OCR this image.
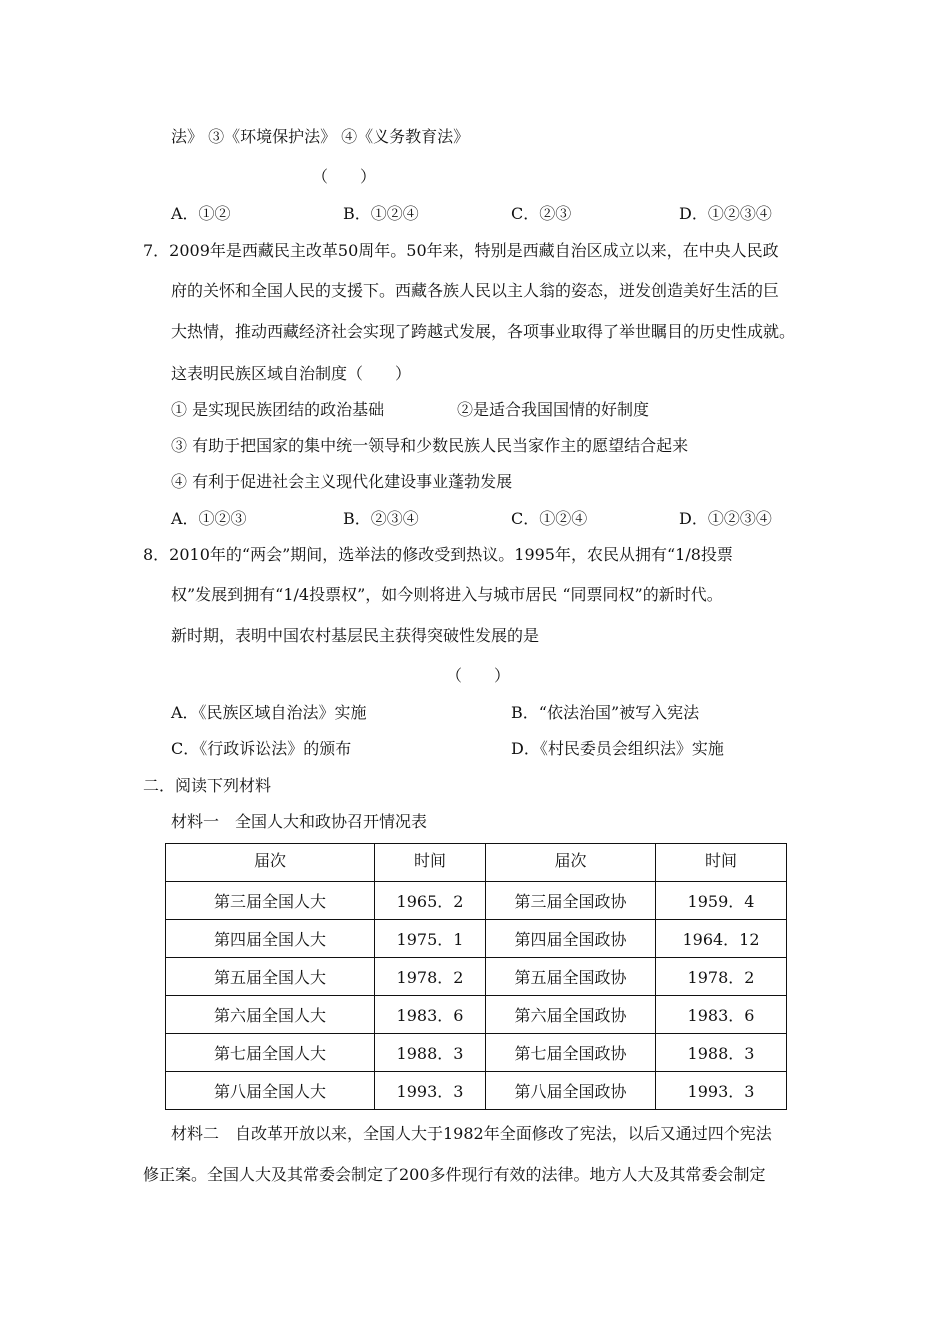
法》 ③《环境保护法》 ④《义务教育法》
（　　）
A．①②	B．①②④	C．②③	D．①②③④
7．2009年是西藏民主改革50周年。50年来，特别是西藏自治区成立以来，在中央人民政
府的关怀和全国人民的支援下。西藏各族人民以主人翁的姿态，迸发创造美好生活的巨
大热情，推动西藏经济社会实现了跨越式发展，各项事业取得了举世瞩目的历史性成就。
这表明民族区域自治制度（　　）
① 是实现民族团结的政治基础	②是适合我国国情的好制度
③ 有助于把国家的集中统一领导和少数民族人民当家作主的愿望结合起来
④ 有利于促进社会主义现代化建设事业蓬勃发展
A．①②③	B．②③④	C．①②④	D．①②③④
8．2010年的“两会”期间，选举法的修改受到热议。1995年，农民从拥有“1/8投票
权”发展到拥有“1/4投票权”，如今则将进入与城市居民 “同票同权”的新时代。
新时期，表明中国农村基层民主获得突破性发展的是
（　　）
A．《民族区域自治法》实施	B．“依法治国”被写入宪法
C．《行政诉讼法》的颁布	D．《村民委员会组织法》实施
二．阅读下列材料
材料一　全国人大和政协召开情况表
届次	时间	届次	时间
第三届全国人大	1965．2	第三届全国政协	1959．4
第四届全国人大	1975．1	第四届全国政协	1964．12
第五届全国人大	1978．2	第五届全国政协	1978．2
第六届全国人大	1983．6	第六届全国政协	1983．6
第七届全国人大	1988．3	第七届全国政协	1988．3
第八届全国人大	1993．3	第八届全国政协	1993．3
材料二　自改革开放以来，全国人大于1982年全面修改了宪法，以后又通过四个宪法
修正案。全国人大及其常委会制定了200多件现行有效的法律。地方人大及其常委会制定
